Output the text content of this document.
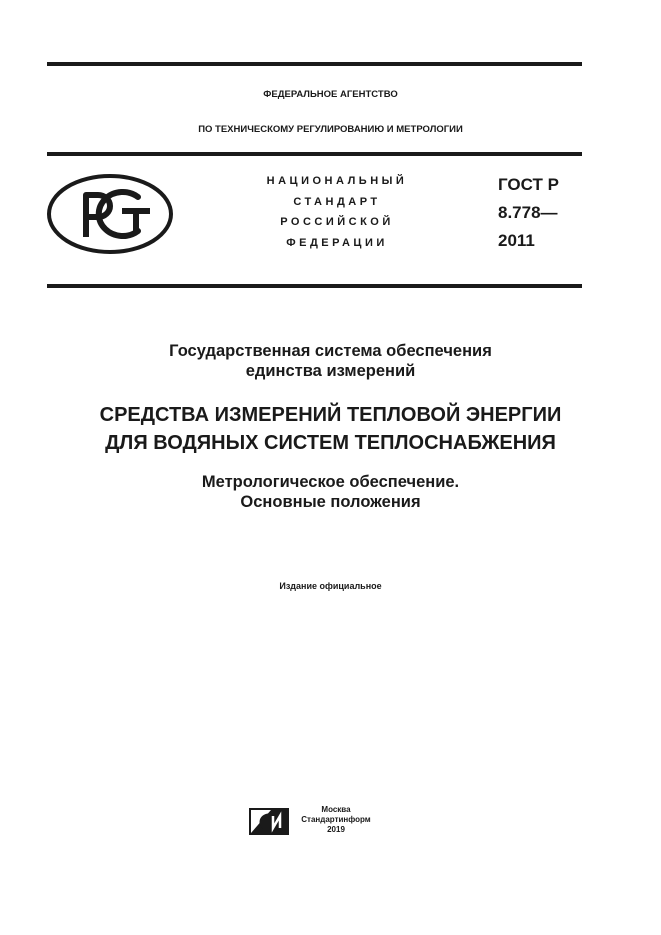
ФЕДЕРАЛЬНОЕ АГЕНТСТВО
ПО ТЕХНИЧЕСКОМУ РЕГУЛИРОВАНИЮ И МЕТРОЛОГИИ
НАЦИОНАЛЬНЫЙ
СТАНДАРТ
РОССИЙСКОЙ
ФЕДЕРАЦИИ
ГОСТ Р
8.778—
2011
Государственная система обеспечения
единства измерений
СРЕДСТВА ИЗМЕРЕНИЙ ТЕПЛОВОЙ ЭНЕРГИИ
ДЛЯ ВОДЯНЫХ СИСТЕМ ТЕПЛОСНАБЖЕНИЯ
Метрологическое обеспечение.
Основные положения
Издание официальное
Москва
Стандартинформ
2019
